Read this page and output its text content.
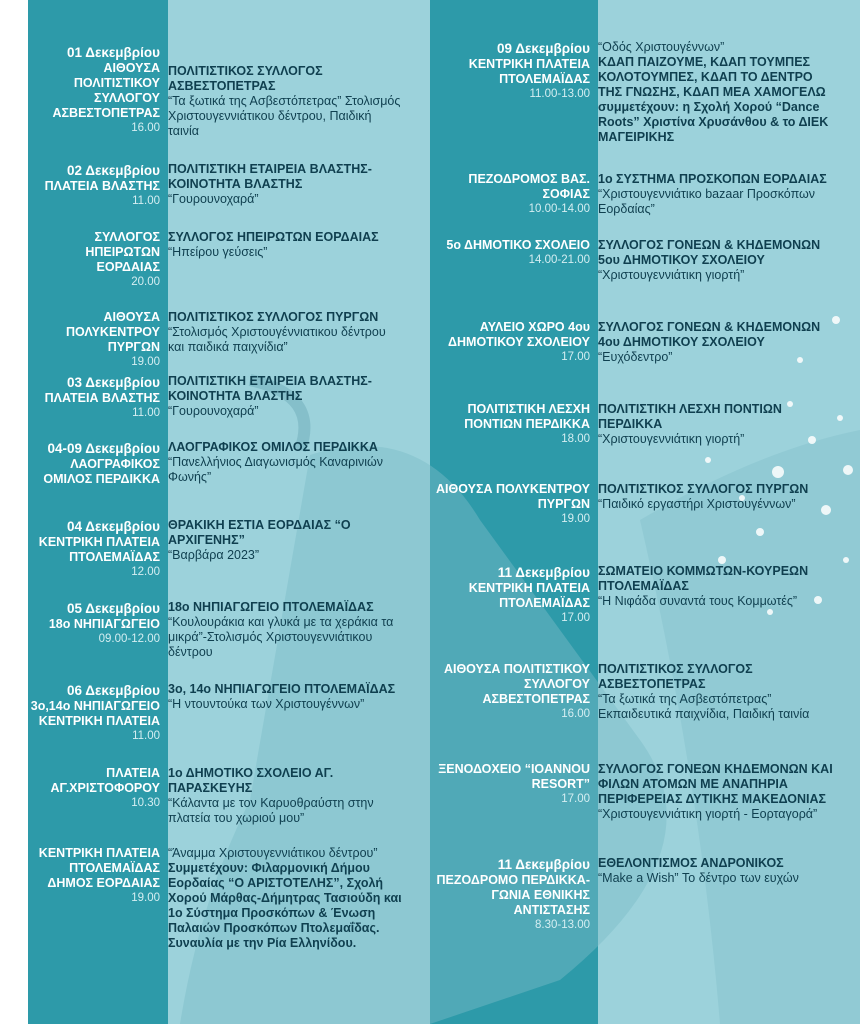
01 Δεκεμβρίου
ΑΙΘΟΥΣΑ ΠΟΛΙΤΙΣΤΙΚΟΥ ΣΥΛΛΟΓΟΥ ΑΣΒΕΣΤΟΠΕΤΡΑΣ
16.00
ΠΟΛΙΤΙΣΤΙΚΟΣ ΣΥΛΛΟΓΟΣ ΑΣΒΕΣΤΟΠΕΤΡΑΣ
“Τα ξωτικά της Ασβεστόπετρας” Στολισμός Χριστουγεννιάτικου δέντρου, Παιδική ταινία
02 Δεκεμβρίου
ΠΛΑΤΕΙΑ ΒΛΑΣΤΗΣ
11.00
ΠΟΛΙΤΙΣΤΙΚΗ ΕΤΑΙΡΕΙΑ ΒΛΑΣΤΗΣ-ΚΟΙΝΟΤΗΤΑ ΒΛΑΣΤΗΣ
“Γουρουνοχαρά”
ΣΥΛΛΟΓΟΣ ΗΠΕΙΡΩΤΩΝ ΕΟΡΔΑΙΑΣ
20.00
ΣΥΛΛΟΓΟΣ ΗΠΕΙΡΩΤΩΝ ΕΟΡΔΑΙΑΣ
“Ηπείρου γεύσεις”
ΑΙΘΟΥΣΑ ΠΟΛΥΚΕΝΤΡΟΥ ΠΥΡΓΩΝ
19.00
ΠΟΛΙΤΙΣΤΙΚΟΣ ΣΥΛΛΟΓΟΣ ΠΥΡΓΩΝ
“Στολισμός Χριστουγέννιατικου δέντρου και παιδικά παιχνίδια”
03 Δεκεμβρίου
ΠΛΑΤΕΙΑ ΒΛΑΣΤΗΣ
11.00
ΠΟΛΙΤΙΣΤΙΚΗ ΕΤΑΙΡΕΙΑ ΒΛΑΣΤΗΣ-ΚΟΙΝΟΤΗΤΑ ΒΛΑΣΤΗΣ
“Γουρουνοχαρά”
04-09 Δεκεμβρίου
ΛΑΟΓΡΑΦΙΚΟΣ ΟΜΙΛΟΣ ΠΕΡΔΙΚΚΑ
ΛΑΟΓΡΑΦΙΚΟΣ ΟΜΙΛΟΣ ΠΕΡΔΙΚΚΑ
“Πανελλήνιος Διαγωνισμός Καναρινιών Φωνής”
04 Δεκεμβρίου
ΚΕΝΤΡΙΚΗ ΠΛΑΤΕΙΑ ΠΤΟΛΕΜΑΪΔΑΣ
12.00
ΘΡΑΚΙΚΗ ΕΣΤΙΑ ΕΟΡΔΑΙΑΣ “Ο ΑΡΧΙΓΕΝΗΣ”
“Βαρβάρα 2023”
05 Δεκεμβρίου
18ο ΝΗΠΙΑΓΩΓΕΙΟ
09.00-12.00
18ο ΝΗΠΙΑΓΩΓΕΙΟ ΠΤΟΛΕΜΑΪΔΑΣ
“Κουλουράκια και γλυκά με τα χεράκια τα μικρά”-Στολισμός Χριστουγεννιάτικου δέντρου
06 Δεκεμβρίου
3ο,14ο ΝΗΠΙΑΓΩΓΕΙΟ ΚΕΝΤΡΙΚΗ ΠΛΑΤΕΙΑ
11.00
3ο, 14ο ΝΗΠΙΑΓΩΓΕΙΟ ΠΤΟΛΕΜΑΪΔΑΣ
“Η ντουντούκα των Χριστουγέννων”
ΠΛΑΤΕΙΑ ΑΓ.ΧΡΙΣΤΟΦΟΡΟΥ
10.30
1ο ΔΗΜΟΤΙΚΟ ΣΧΟΛΕΙΟ ΑΓ. ΠΑΡΑΣΚΕΥΗΣ
“Κάλαντα με τον Καρυοθραύστη στην πλατεία του χωριού μου”
ΚΕΝΤΡΙΚΗ ΠΛΑΤΕΙΑ ΠΤΟΛΕΜΑΪΔΑΣ ΔΗΜΟΣ ΕΟΡΔΑΙΑΣ
19.00
“Άναμμα Χριστουγεννιάτικου δέντρου”
Συμμετέχουν: Φιλαρμονική Δήμου Εορδαίας “Ο ΑΡΙΣΤΟΤΕΛΗΣ”, Σχολή Χορού Μάρθας-Δήμητρας Τασιούδη και 1ο Σύστημα Προσκόπων & Ένωση Παλαιών Προσκόπων Πτολεμαΐδας. Συναυλία με την Ρία Ελληνίδου.
09 Δεκεμβρίου
ΚΕΝΤΡΙΚΗ ΠΛΑΤΕΙΑ ΠΤΟΛΕΜΑΪΔΑΣ
11.00-13.00
“Οδός Χριστουγέννων”
ΚΔΑΠ ΠΑΙΖΟΥΜΕ, ΚΔΑΠ ΤΟΥΜΠΕΣ ΚΟΛΟΤΟΥΜΠΕΣ, ΚΔΑΠ ΤΟ ΔΕΝΤΡΟ ΤΗΣ ΓΝΩΣΗΣ, ΚΔΑΠ ΜΕΑ ΧΑΜΟΓΕΛΩ συμμετέχουν: η Σχολή Χορού “Dance Roots” Χριστίνα Χρυσάνθου & το ΔΙΕΚ ΜΑΓΕΙΡΙΚΗΣ
ΠΕΖΟΔΡΟΜΟΣ ΒΑΣ. ΣΟΦΙΑΣ
10.00-14.00
1ο ΣΥΣΤΗΜΑ ΠΡΟΣΚΟΠΩΝ ΕΟΡΔΑΙΑΣ
“Χριστουγεννιάτικο bazaar Προσκόπων Εορδαίας”
5ο ΔΗΜΟΤΙΚΟ ΣΧΟΛΕΙΟ
14.00-21.00
ΣΥΛΛΟΓΟΣ ΓΟΝΕΩΝ & ΚΗΔΕΜΟΝΩΝ 5ου ΔΗΜΟΤΙΚΟΥ ΣΧΟΛΕΙΟΥ
“Χριστουγεννιάτικη γιορτή”
ΑΥΛΕΙΟ ΧΩΡΟ 4ου ΔΗΜΟΤΙΚΟΥ ΣΧΟΛΕΙΟΥ
17.00
ΣΥΛΛΟΓΟΣ ΓΟΝΕΩΝ & ΚΗΔΕΜΟΝΩΝ 4ου ΔΗΜΟΤΙΚΟΥ ΣΧΟΛΕΙΟΥ
“Ευχόδεντρο”
ΠΟΛΙΤΙΣΤΙΚΗ ΛΕΣΧΗ ΠΟΝΤΙΩΝ ΠΕΡΔΙΚΚΑ
18.00
ΠΟΛΙΤΙΣΤΙΚΗ ΛΕΣΧΗ ΠΟΝΤΙΩΝ ΠΕΡΔΙΚΚΑ
“Χριστουγεννιάτικη γιορτή”
ΑΙΘΟΥΣΑ ΠΟΛΥΚΕΝΤΡΟΥ ΠΥΡΓΩΝ
19.00
ΠΟΛΙΤΙΣΤΙΚΟΣ ΣΥΛΛΟΓΟΣ ΠΥΡΓΩΝ
“Παιδικό εργαστήρι Χριστουγέννων”
11 Δεκεμβρίου
ΚΕΝΤΡΙΚΗ ΠΛΑΤΕΙΑ ΠΤΟΛΕΜΑΪΔΑΣ
17.00
ΣΩΜΑΤΕΙΟ ΚΟΜΜΩΤΩΝ-ΚΟΥΡΕΩΝ ΠΤΟΛΕΜΑΪΔΑΣ
“Η Νιφάδα συναντά τους Κομμωτές”
ΑΙΘΟΥΣΑ ΠΟΛΙΤΙΣΤΙΚΟΥ ΣΥΛΛΟΓΟΥ ΑΣΒΕΣΤΟΠΕΤΡΑΣ
16.00
ΠΟΛΙΤΙΣΤΙΚΟΣ ΣΥΛΛΟΓΟΣ ΑΣΒΕΣΤΟΠΕΤΡΑΣ
“Τα ξωτικά της Ασβεστόπετρας” Εκπαιδευτικά παιχνίδια, Παιδική ταινία
ΞΕΝΟΔΟΧΕΙΟ “IOANNOU RESORT”
17.00
ΣΥΛΛΟΓΟΣ ΓΟΝΕΩΝ ΚΗΔΕΜΟΝΩΝ ΚΑΙ ΦΙΛΩΝ ΑΤΟΜΩΝ ΜΕ ΑΝΑΠΗΡΙΑ ΠΕΡΙΦΕΡΕΙΑΣ ΔΥΤΙΚΗΣ ΜΑΚΕΔΟΝΙΑΣ
“Χριστουγεννιάτικη γιορτή - Εορταγορά”
11 Δεκεμβρίου
ΠΕΖΟΔΡΟΜΟ ΠΕΡΔΙΚΚΑ-ΓΩΝΙΑ ΕΘΝΙΚΗΣ ΑΝΤΙΣΤΑΣΗΣ
8.30-13.00
ΕΘΕΛΟΝΤΙΣΜΟΣ ΑΝΔΡΟΝΙΚΟΣ
“Make a Wish” Το δέντρο των ευχών
